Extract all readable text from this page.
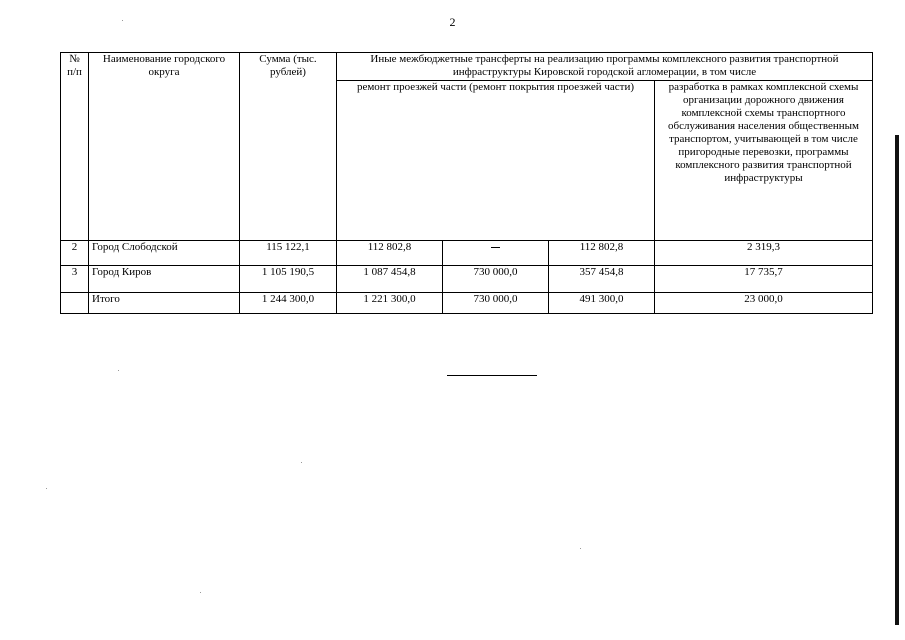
2
№ п/п	Наименование городского округа	Сумма (тыс. рублей)	Иные межбюджетные трансферты на реализацию программы комплексного развития транспортной инфраструктуры Кировской городской агломерации, в том числе			
			ремонт проезжей части (ремонт покрытия проезжей части)			разработка в рамках комплексной схемы организации дорожного движения комплексной схемы транспортного обслуживания населения общественным транспортом, учитывающей в том числе пригородные перевозки, программы комплексного развития транспортной инфраструктуры
2	Город Слободской	115 122,1	112 802,8		112 802,8	2 319,3
3	Город Киров	1 105 190,5	1 087 454,8	730 000,0	357 454,8	17 735,7
	Итого	1 244 300,0	1 221 300,0	730 000,0	491 300,0	23 000,0
